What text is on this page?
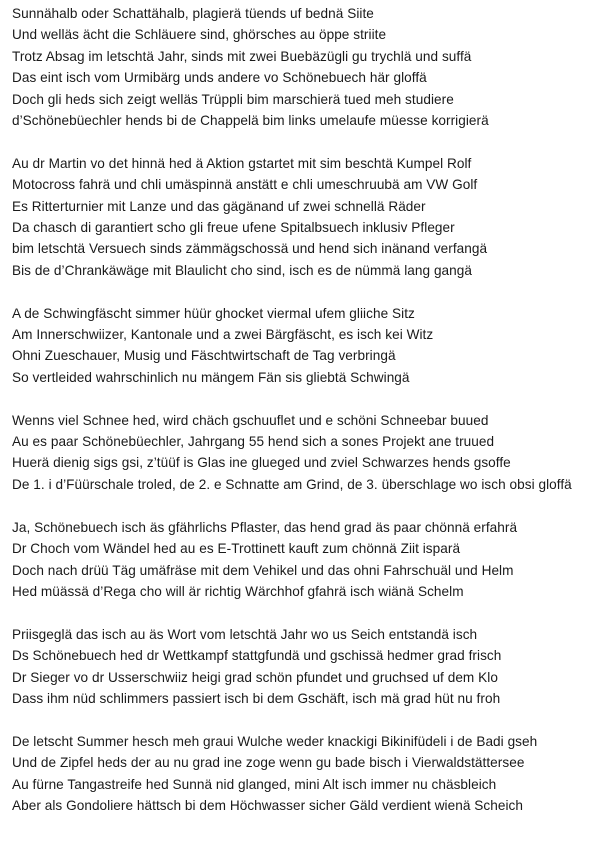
Sunnähalb oder Schattähalb, plagierä tüends uf bednä Siite
Und welläs ächt die Schläuere sind, ghörsches au öppe striite
Trotz Absag im letschtä Jahr, sinds mit zwei Buebäzügli gu trychlä und suffä
Das eint isch vom Urmibärg unds andere vo Schönebuech här gloffä
Doch gli heds sich zeigt welläs Trüppli bim marschierä tued meh studiere
d’Schönebüechler hends bi de Chappelä bim links umelaufe müesse korrigierä
Au dr Martin vo det hinnä hed ä Aktion gstartet mit sim beschtä Kumpel Rolf
Motocross fahrä und chli umäspinnä anstätt e chli umeschruubä am VW Golf
Es Ritterturnier mit Lanze und das gägänand uf zwei schnellä Räder
Da chasch di garantiert scho gli freue ufene Spitalbsuech inklusiv Pfleger
bim letschtä Versuech sinds zämmägschossä und hend sich inänand verfangä
Bis de d’Chrankäwäge mit Blaulicht cho sind, isch es de nümmä lang gangä
A de Schwingfäscht simmer hüür ghocket viermal ufem gliiche Sitz
Am Innerschwiizer, Kantonale und a zwei Bärgfäscht, es isch kei Witz
Ohni Zueschauer, Musig und Fäschtwirtschaft de Tag verbringä
So vertleided wahrschinlich nu mängem Fän sis gliebtä Schwingä
Wenns viel Schnee hed, wird chäch gschuuflet und e schöni Schneebar buued
Au es paar Schönebüechler, Jahrgang 55 hend sich a sones Projekt ane truued
Huerä dienig sigs gsi, z’tüüf is Glas ine glueged und zviel Schwarzes hends gsoffe
De 1. i d’Füürschale troled, de 2. e Schnatte am Grind, de 3. überschlage wo isch obsi gloffä
Ja, Schönebuech isch äs gfährlichs Pflaster, das hend grad äs paar chönnä erfahrä
Dr Choch vom Wändel hed au es E-Trottinett kauft zum chönnä Ziit isparä
Doch nach drüü Täg umäfräse mit dem Vehikel und das ohni Fahrschuäl und Helm
Hed müässä d’Rega cho will är richtig Wärchhof gfahrä isch wiänä Schelm
Priisgeglä das isch au äs Wort vom letschtä Jahr wo us Seich entstandä isch
Ds Schönebuech hed dr Wettkampf stattgfundä und gschissä hedmer grad frisch
Dr Sieger vo dr Usserschwiiz heigi grad schön pfundet und gruchsed uf dem Klo
Dass ihm nüd schlimmers passiert isch bi dem Gschäft, isch mä grad hüt nu froh
De letscht Summer hesch meh graui Wulche weder knackigi Bikinifüdeli i de Badi gseh
Und de Zipfel heds der au nu grad ine zoge wenn gu bade bisch i Vierwaldstättersee
Au fürne Tangastreife hed Sunnä nid glanged, mini Alt isch immer nu chäsbleich
Aber als Gondoliere hättsch bi dem Höchwasser sicher Gäld verdient wienä Scheich
